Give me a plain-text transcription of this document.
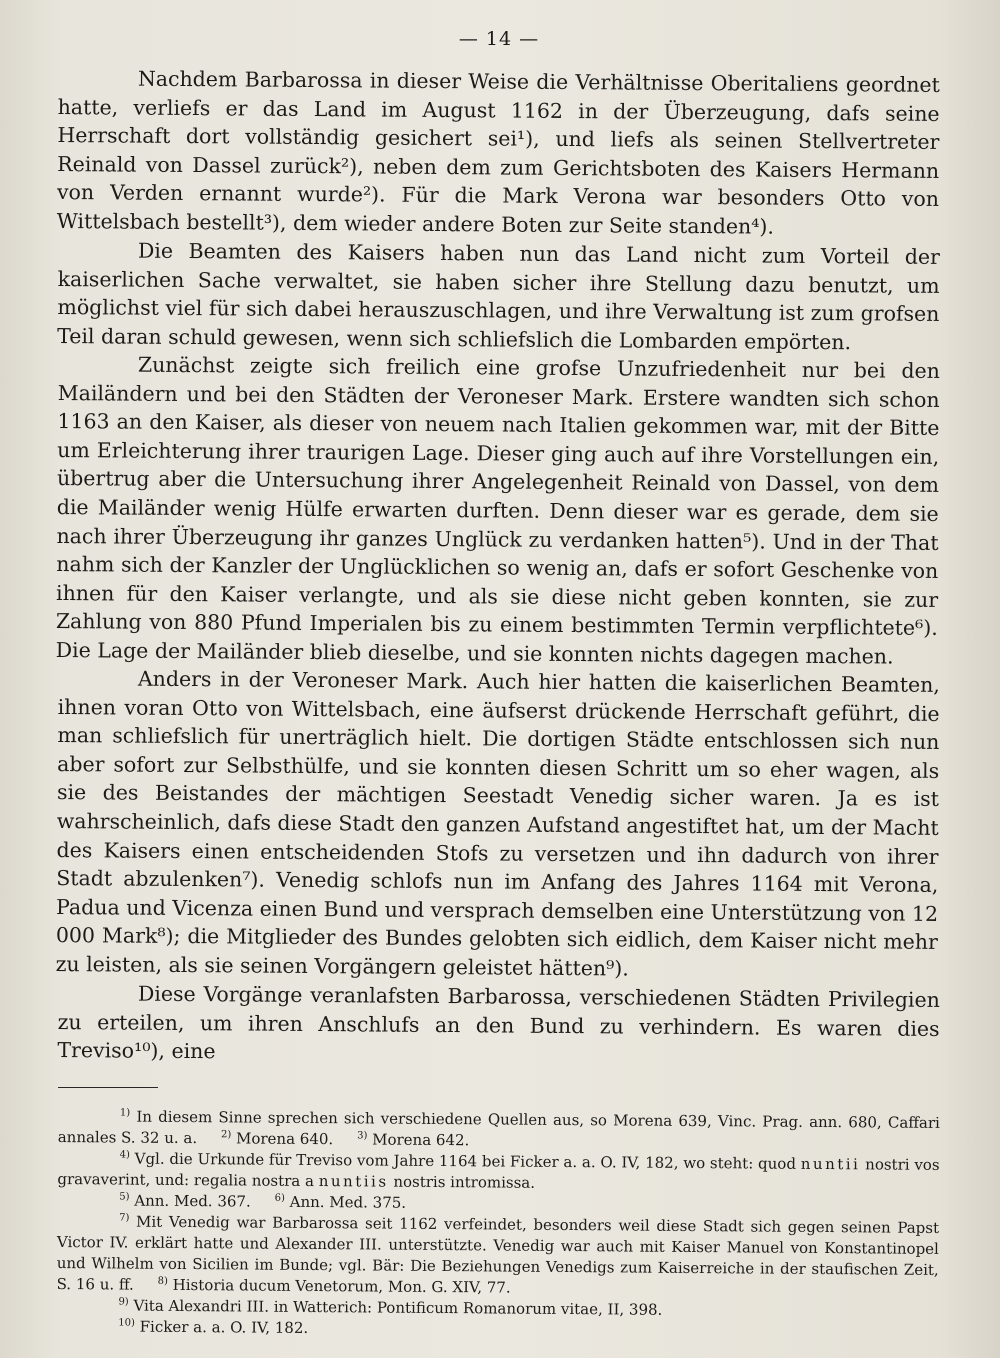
— 14 —

Nachdem Barbarossa in dieser Weise die Verhältnisse Oberitaliens geordnet hatte, verliefs er das Land im August 1162 in der Überzeugung, dafs seine Herrschaft dort vollständig gesichert sei¹), und liefs als seinen Stellvertreter Reinald von Dassel zurück²), neben dem zum Gerichtsboten des Kaisers Hermann von Verden ernannt wurde²). Für die Mark Verona war besonders Otto von Wittelsbach bestellt³), dem wieder andere Boten zur Seite standen⁴).

Die Beamten des Kaisers haben nun das Land nicht zum Vorteil der kaiserlichen Sache verwaltet, sie haben sicher ihre Stellung dazu benutzt, um möglichst viel für sich dabei herauszuschlagen, und ihre Verwaltung ist zum grofsen Teil daran schuld gewesen, wenn sich schliefslich die Lombarden empörten.

Zunächst zeigte sich freilich eine grofse Unzufriedenheit nur bei den Mailändern und bei den Städten der Veroneser Mark. Erstere wandten sich schon 1163 an den Kaiser, als dieser von neuem nach Italien gekommen war, mit der Bitte um Erleichterung ihrer traurigen Lage. Dieser ging auch auf ihre Vorstellungen ein, übertrug aber die Untersuchung ihrer Angelegenheit Reinald von Dassel, von dem die Mailänder wenig Hülfe erwarten durften. Denn dieser war es gerade, dem sie nach ihrer Überzeugung ihr ganzes Unglück zu verdanken hatten⁵). Und in der That nahm sich der Kanzler der Unglücklichen so wenig an, dafs er sofort Geschenke von ihnen für den Kaiser verlangte, und als sie diese nicht geben konnten, sie zur Zahlung von 880 Pfund Imperialen bis zu einem bestimmten Termin verpflichtete⁶). Die Lage der Mailänder blieb dieselbe, und sie konnten nichts dagegen machen.

Anders in der Veroneser Mark. Auch hier hatten die kaiserlichen Beamten, ihnen voran Otto von Wittelsbach, eine äufserst drückende Herrschaft geführt, die man schliefslich für unerträglich hielt. Die dortigen Städte entschlossen sich nun aber sofort zur Selbsthülfe, und sie konnten diesen Schritt um so eher wagen, als sie des Beistandes der mächtigen Seestadt Venedig sicher waren. Ja es ist wahrscheinlich, dafs diese Stadt den ganzen Aufstand angestiftet hat, um der Macht des Kaisers einen entscheidenden Stofs zu versetzen und ihn dadurch von ihrer Stadt abzulenken⁷). Venedig schlofs nun im Anfang des Jahres 1164 mit Verona, Padua und Vicenza einen Bund und versprach demselben eine Unterstützung von 12 000 Mark⁸); die Mitglieder des Bundes gelobten sich eidlich, dem Kaiser nicht mehr zu leisten, als sie seinen Vorgängern geleistet hätten⁹).

Diese Vorgänge veranlafsten Barbarossa, verschiedenen Städten Privilegien zu erteilen, um ihren Anschlufs an den Bund zu verhindern. Es waren dies Treviso¹⁰), eine

$^{1)}$ In diesem Sinne sprechen sich verschiedene Quellen aus, so Morena 639, Vinc. Prag. ann. 680, Caffari annales S. 32 u. a. $^{2)}$ Morena 640. $^{3)}$ Morena 642.

$^{4)}$ Vgl. die Urkunde für Treviso vom Jahre 1164 bei Ficker a. a. O. IV, 182, wo steht: quod nuntii nostri vos gravaverint, und: regalia nostra a nuntiis nostris intromissa.

$^{5)}$ Ann. Med. 367. $^{6)}$ Ann. Med. 375.

$^{7)}$ Mit Venedig war Barbarossa seit 1162 verfeindet, besonders weil diese Stadt sich gegen seinen Papst Victor IV. erklärt hatte und Alexander III. unterstützte. Venedig war auch mit Kaiser Manuel von Konstantinopel und Wilhelm von Sicilien im Bunde; vgl. Bär: Die Beziehungen Venedigs zum Kaiserreiche in der staufischen Zeit, S. 16 u. ff. $^{8)}$ Historia ducum Venetorum, Mon. G. XIV, 77.

$^{9)}$ Vita Alexandri III. in Watterich: Pontificum Romanorum vitae, II, 398.

$^{10)}$ Ficker a. a. O. IV, 182.
